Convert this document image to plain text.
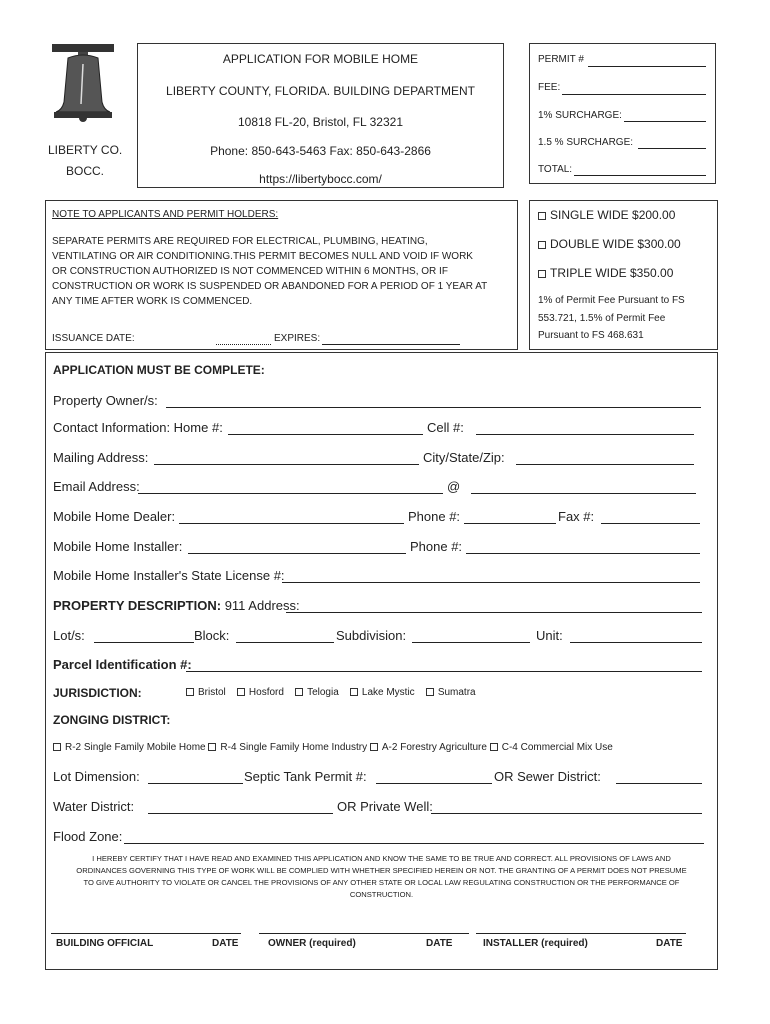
LIBERTY CO.
BOCC.
APPLICATION FOR MOBILE HOME
LIBERTY COUNTY, FLORIDA. BUILDING DEPARTMENT
10818 FL-20, Bristol, FL 32321
Phone: 850-643-5463 Fax: 850-643-2866
https://libertybocc.com/
PERMIT #
FEE:
1% SURCHARGE:
1.5 % SURCHARGE:
TOTAL:
NOTE TO APPLICANTS AND PERMIT HOLDERS:
SEPARATE PERMITS ARE REQUIRED FOR ELECTRICAL, PLUMBING, HEATING,
VENTILATING OR AIR CONDITIONING.THIS PERMIT BECOMES NULL AND VOID IF WORK
OR CONSTRUCTION AUTHORIZED IS NOT COMMENCED WITHIN 6 MONTHS, OR IF
CONSTRUCTION OR WORK IS SUSPENDED OR ABANDONED FOR A PERIOD OF 1 YEAR AT
ANY TIME AFTER WORK IS COMMENCED.
ISSUANCE DATE:	EXPIRES:
SINGLE WIDE $200.00
DOUBLE WIDE $300.00
TRIPLE WIDE $350.00
1% of Permit Fee Pursuant to FS
553.721, 1.5% of Permit Fee
Pursuant to FS 468.631
APPLICATION MUST BE COMPLETE:
Property Owner/s:
Contact Information: Home #:	Cell #:
Mailing Address:	City/State/Zip:
Email Address:	@
Mobile Home Dealer:	Phone #:	Fax #:
Mobile Home Installer:	Phone #:
Mobile Home Installer's State License #:
PROPERTY DESCRIPTION: 911 Address:
Lot/s:	Block:	Subdivision:	Unit:
Parcel Identification #:
JURISDICTION:	Bristol Hosford Telogia Lake Mystic Sumatra
ZONGING DISTRICT:
R-2 Single Family Mobile Home R-4 Single Family Home Industry A-2 Forestry Agriculture C-4 Commercial Mix Use
Lot Dimension:	Septic Tank Permit #:	OR Sewer District:
Water District:	OR Private Well:
Flood Zone:
I HEREBY CERTIFY THAT I HAVE READ AND EXAMINED THIS APPLICATION AND KNOW THE SAME TO BE TRUE AND CORRECT. ALL PROVISIONS OF LAWS AND
ORDINANCES GOVERNING THIS TYPE OF WORK WILL BE COMPLIED WITH WHETHER SPECIFIED HEREIN OR NOT. THE GRANTING OF A PERMIT DOES NOT PRESUME
TO GIVE AUTHORITY TO VIOLATE OR CANCEL THE PROVISIONS OF ANY OTHER STATE OR LOCAL LAW REGULATING CONSTRUCTION OR THE PERFORMANCE OF
CONSTRUCTION.
BUILDING OFFICIAL	DATE	OWNER (required)	DATE	INSTALLER (required)	DATE
